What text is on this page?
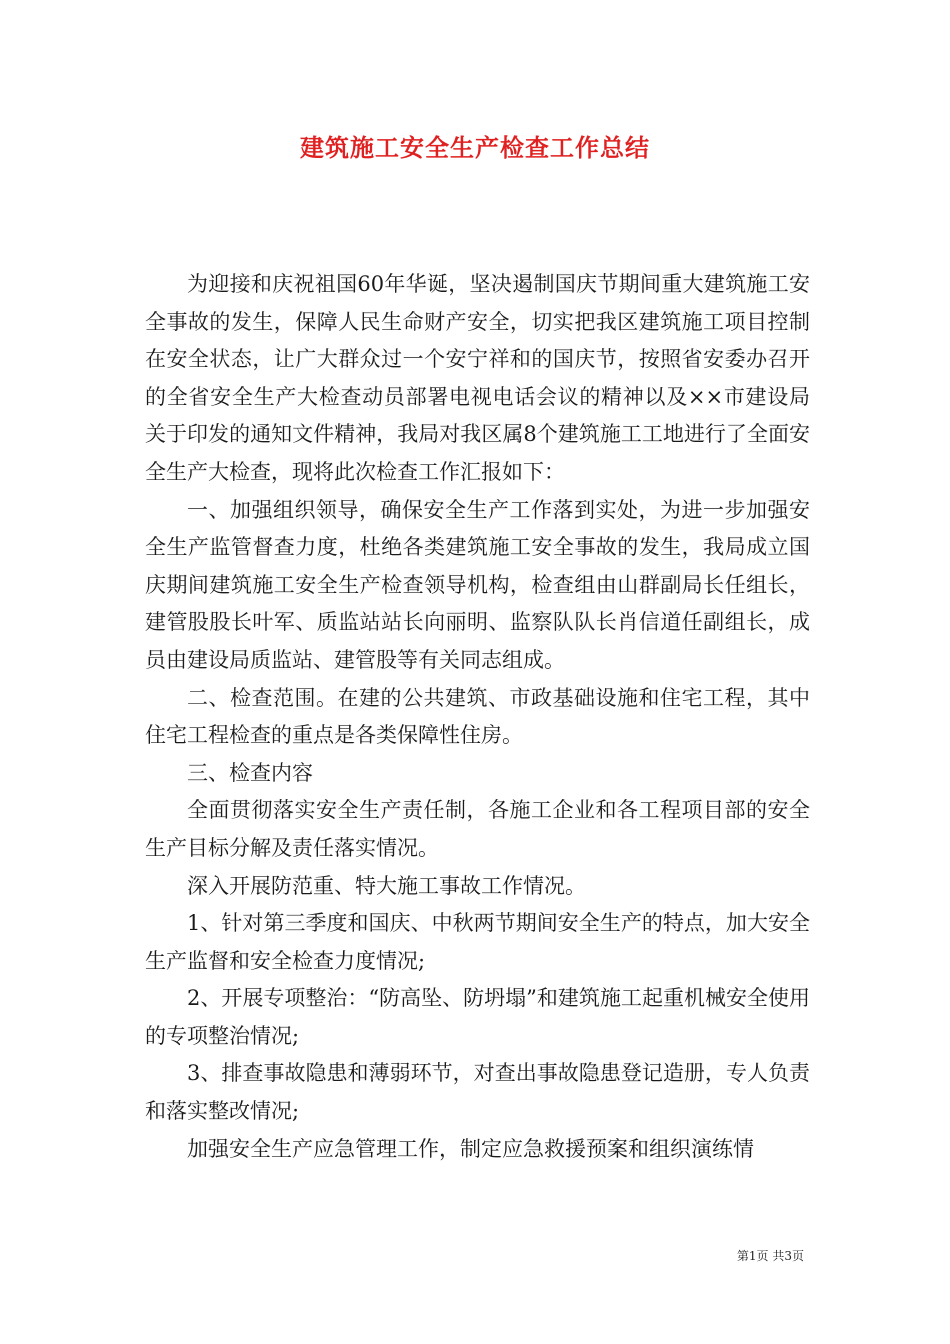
建筑施工安全生产检查工作总结

为迎接和庆祝祖国60年华诞，坚决遏制国庆节期间重大建筑施工安全事故的发生，保障人民生命财产安全，切实把我区建筑施工项目控制在安全状态，让广大群众过一个安宁祥和的国庆节，按照省安委办召开的全省安全生产大检查动员部署电视电话会议的精神以及××市建设局关于印发的通知文件精神，我局对我区属8个建筑施工工地进行了全面安全生产大检查，现将此次检查工作汇报如下：

一、加强组织领导，确保安全生产工作落到实处，为进一步加强安全生产监管督查力度，杜绝各类建筑施工安全事故的发生，我局成立国庆期间建筑施工安全生产检查领导机构，检查组由山群副局长任组长，建管股股长叶军、质监站站长向丽明、监察队队长肖信道任副组长，成员由建设局质监站、建管股等有关同志组成。

二、检查范围。在建的公共建筑、市政基础设施和住宅工程，其中住宅工程检查的重点是各类保障性住房。

三、检查内容

全面贯彻落实安全生产责任制，各施工企业和各工程项目部的安全生产目标分解及责任落实情况。

深入开展防范重、特大施工事故工作情况。

1、针对第三季度和国庆、中秋两节期间安全生产的特点，加大安全生产监督和安全检查力度情况;

2、开展专项整治：“防高坠、防坍塌”和建筑施工起重机械安全使用的专项整治情况;

3、排查事故隐患和薄弱环节，对查出事故隐患登记造册，专人负责和落实整改情况;

加强安全生产应急管理工作，制定应急救援预案和组织演练情

第1页 共3页
